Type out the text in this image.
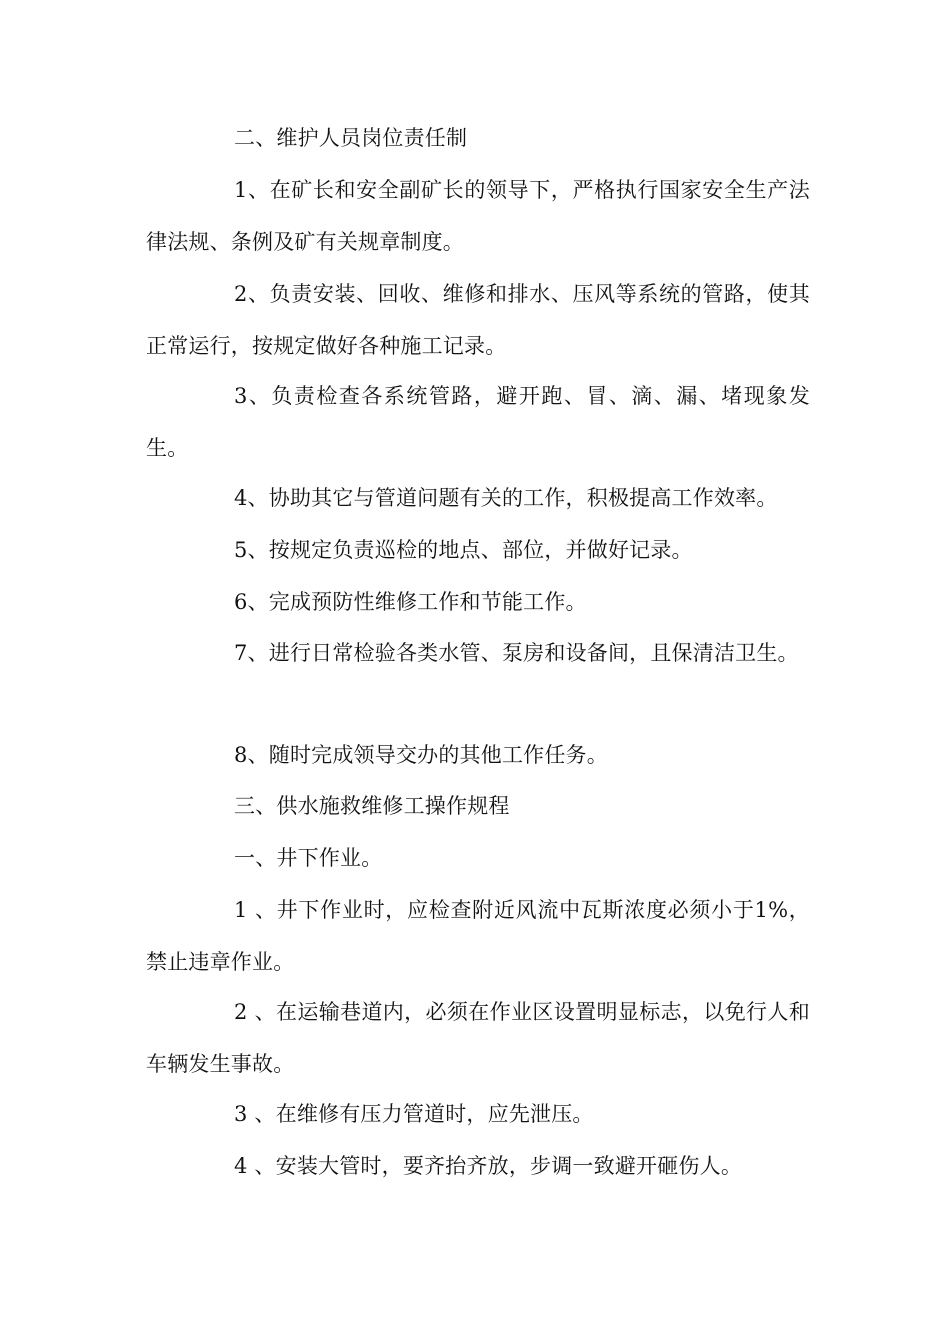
二、维护人员岗位责任制

1、在矿长和安全副矿长的领导下，严格执行国家安全生产法律法规、条例及矿有关规章制度。

2、负责安装、回收、维修和排水、压风等系统的管路，使其正常运行，按规定做好各种施工记录。

3、负责检查各系统管路，避开跑、冒、滴、漏、堵现象发生。

4、协助其它与管道问题有关的工作，积极提高工作效率。

5、按规定负责巡检的地点、部位，并做好记录。

6、完成预防性维修工作和节能工作。

7、进行日常检验各类水管、泵房和设备间，且保清洁卫生。

8、随时完成领导交办的其他工作任务。

三、供水施救维修工操作规程

一、井下作业。

1 、井下作业时，应检查附近风流中瓦斯浓度必须小于1%，禁止违章作业。

2 、在运输巷道内，必须在作业区设置明显标志，以免行人和车辆发生事故。

3 、在维修有压力管道时，应先泄压。

4 、安装大管时，要齐抬齐放，步调一致避开砸伤人。
